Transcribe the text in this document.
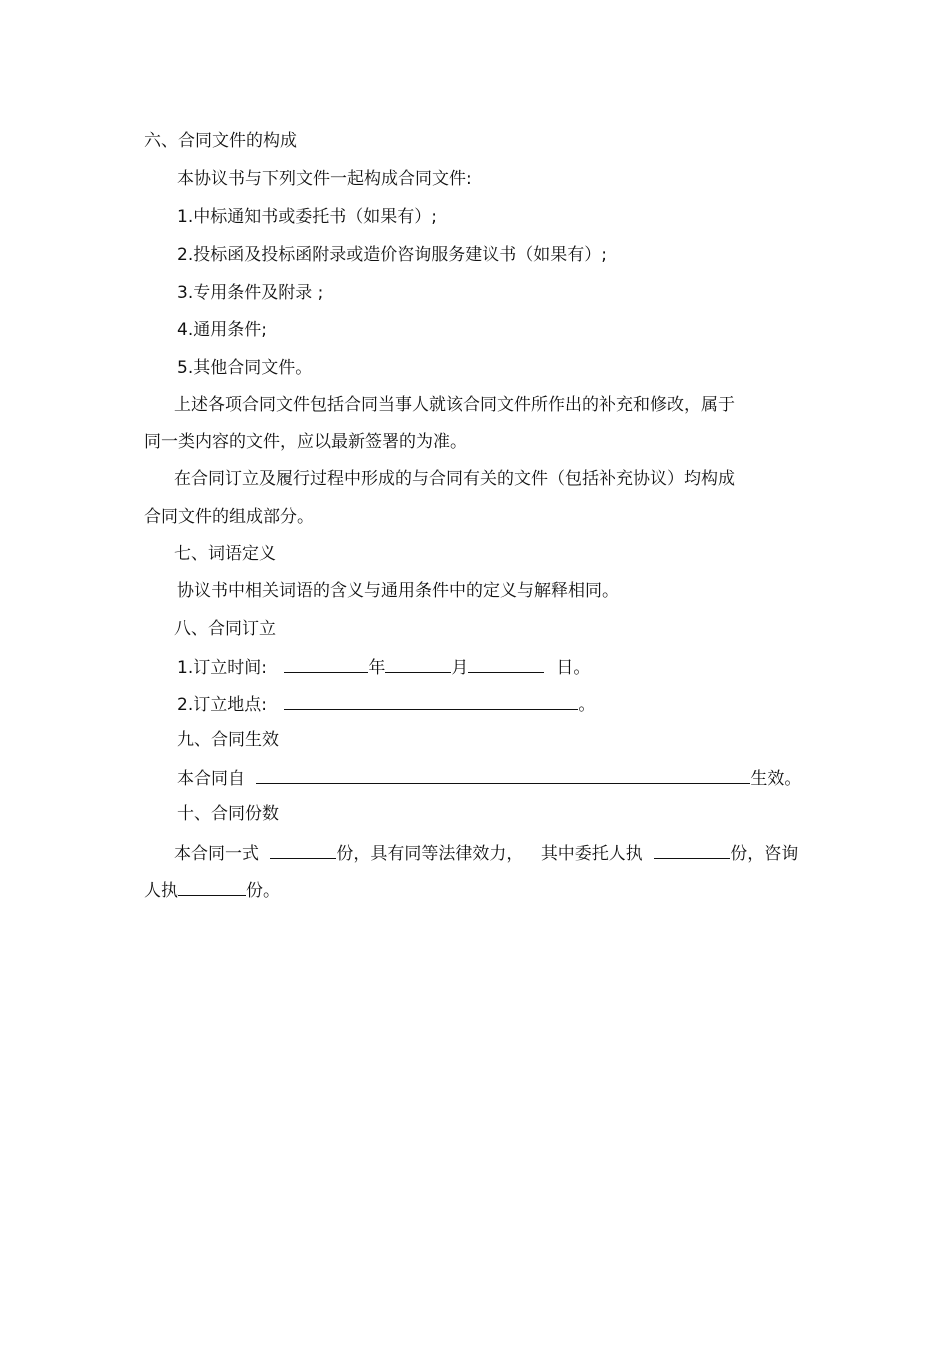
六、合同文件的构成
本协议书与下列文件一起构成合同文件:
1.中标通知书或委托书（如果有）;
2.投标函及投标函附录或造价咨询服务建议书（如果有）;
3.专用条件及附录 ;
4.通用条件;
5.其他合同文件。
上述各项合同文件包括合同当事人就该合同文件所作出的补充和修改，属于
同一类内容的文件，应以最新签署的为准。
在合同订立及履行过程中形成的与合同有关的文件（包括补充协议）均构成
合同文件的组成部分。
七、词语定义
协议书中相关词语的含义与通用条件中的定义与解释相同。
八、合同订立
1.订立时间:	年	月	日。
2.订立地点:	。
九、合同生效
本合同自	生效。
十、合同份数
本合同一式	份，具有同等法律效力， 其中委托人执	份，咨询
人执	份。
